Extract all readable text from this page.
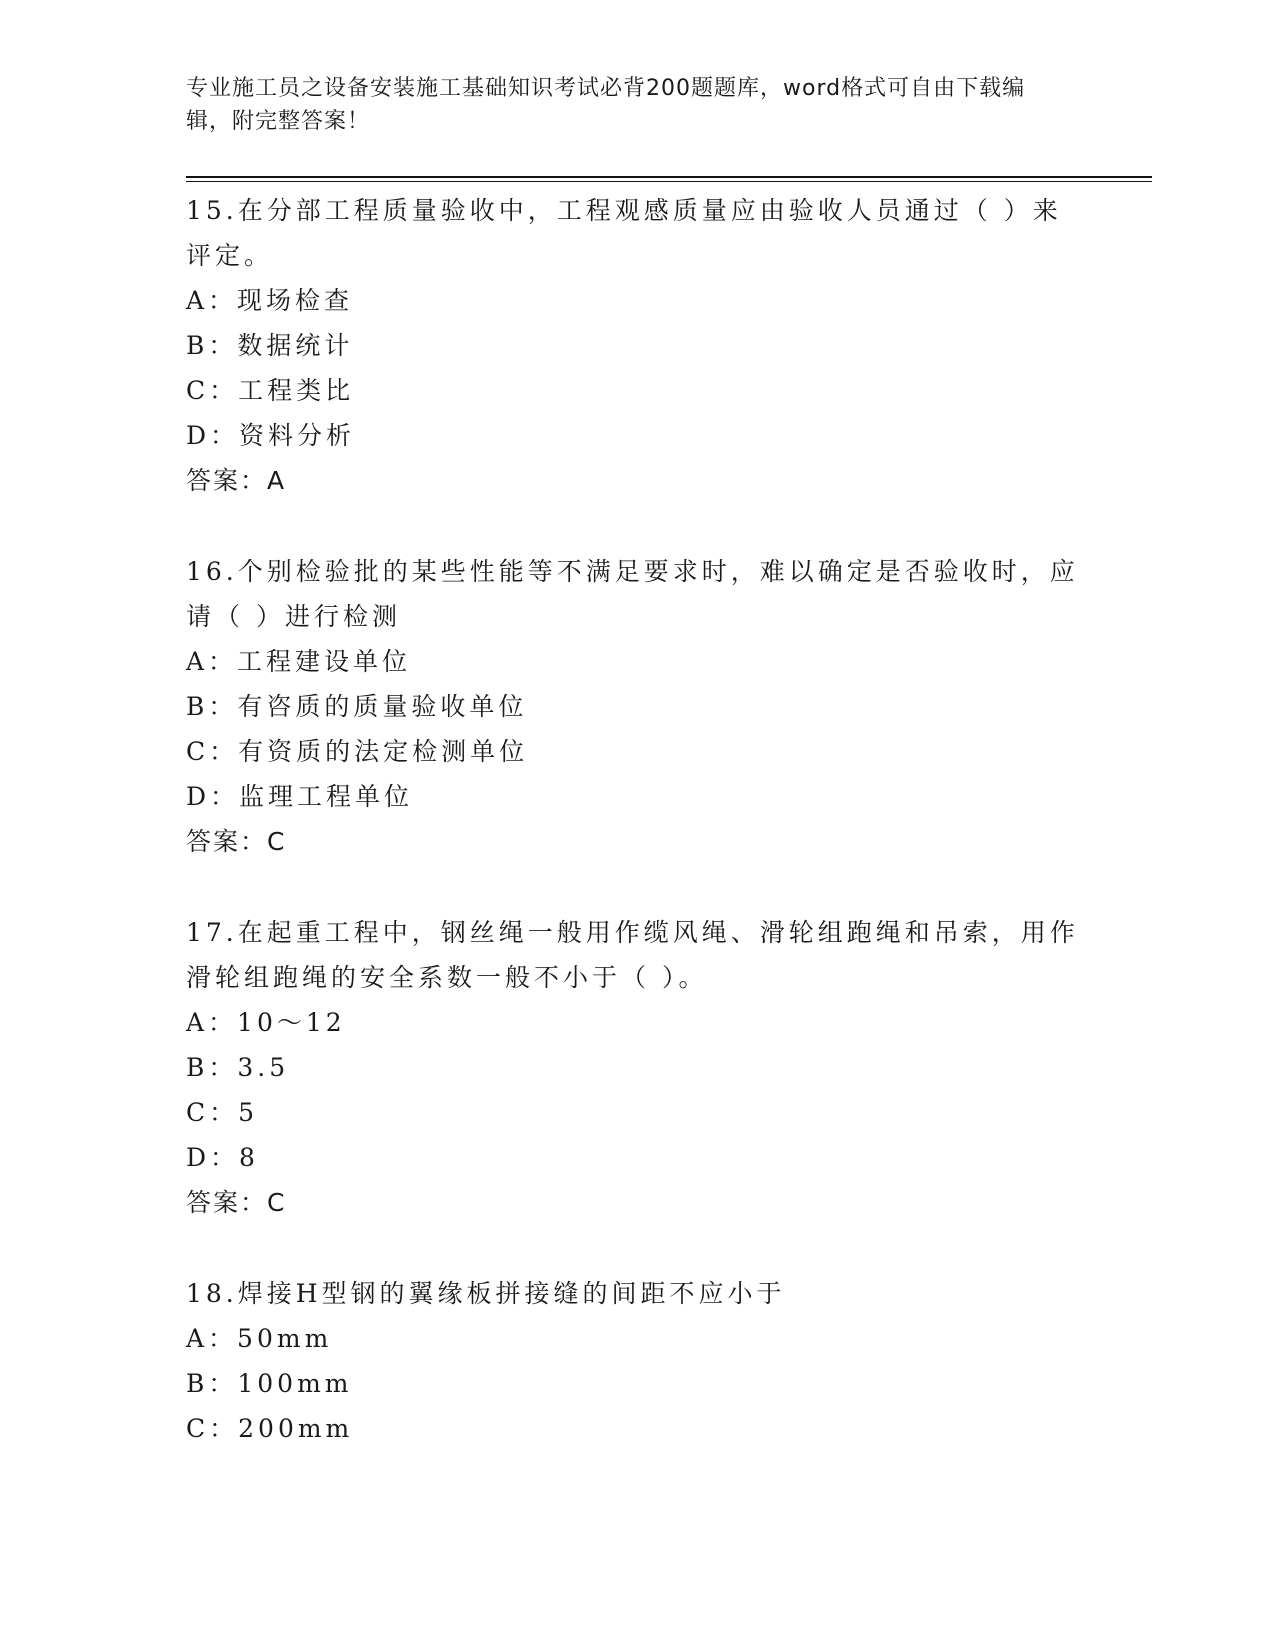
专业施工员之设备安装施工基础知识考试必背200题题库，word格式可自由下载编辑，附完整答案！

15.在分部工程质量验收中，工程观感质量应由验收人员通过（ ）来评定。

A：现场检查

B：数据统计

C：工程类比

D：资料分析

答案：A

16.个别检验批的某些性能等不满足要求时，难以确定是否验收时，应请（ ）进行检测

A：工程建设单位

B：有咨质的质量验收单位

C：有资质的法定检测单位

D：监理工程单位

答案：C

17.在起重工程中，钢丝绳一般用作缆风绳、滑轮组跑绳和吊索，用作滑轮组跑绳的安全系数一般不小于（ ）。

A：10～12

B：3.5

C：5

D：8

答案：C

18.焊接H型钢的翼缘板拼接缝的间距不应小于

A：50mm

B：100mm

C：200mm
